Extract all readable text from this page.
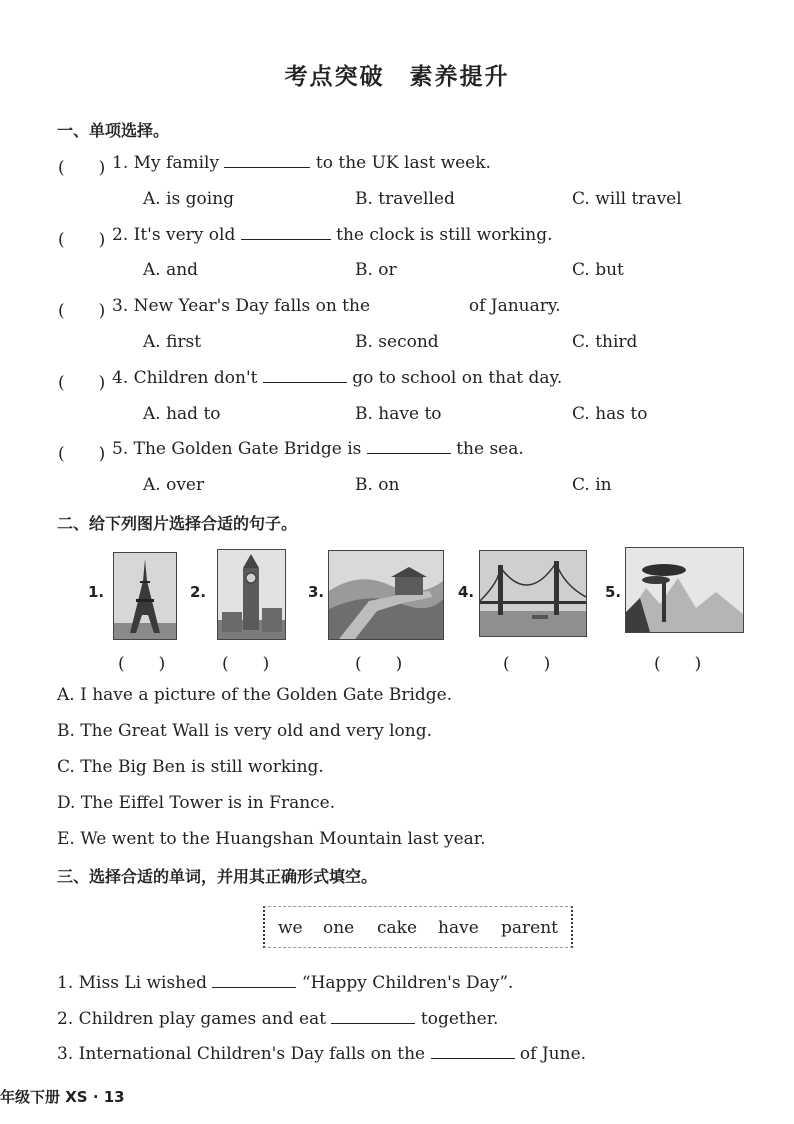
考点突破　素养提升
一、单项选择。
(　　) 1. My family	to the UK last week.
A. is going	B. travelled	C. will travel
(　　) 2. It's very old	the clock is still working.
A. and	B. or	C. but
(　　) 3. New Year's Day falls on the	of January.
A. first	B. second	C. third
(　　) 4. Children don't	go to school on that day.
A. had to	B. have to	C. has to
(　　) 5. The Golden Gate Bridge is	the sea.
A. over	B. on	C. in
二、给下列图片选择合适的句子。
1.	2.	3.	4.	5.
(　　)	(　　)	(　　)	(　　)	(　　)
A. I have a picture of the Golden Gate Bridge.
B. The Great Wall is very old and very long.
C. The Big Ben is still working.
D. The Eiffel Tower is in France.
E. We went to the Huangshan Mountain last year.
三、选择合适的单词，并用其正确形式填空。
we one cake have parent
1. Miss Li wished	“Happy Children's Day”.
2. Children play games and eat	together.
3. International Children's Day falls on the	of June.
年级下册 XS · 13
